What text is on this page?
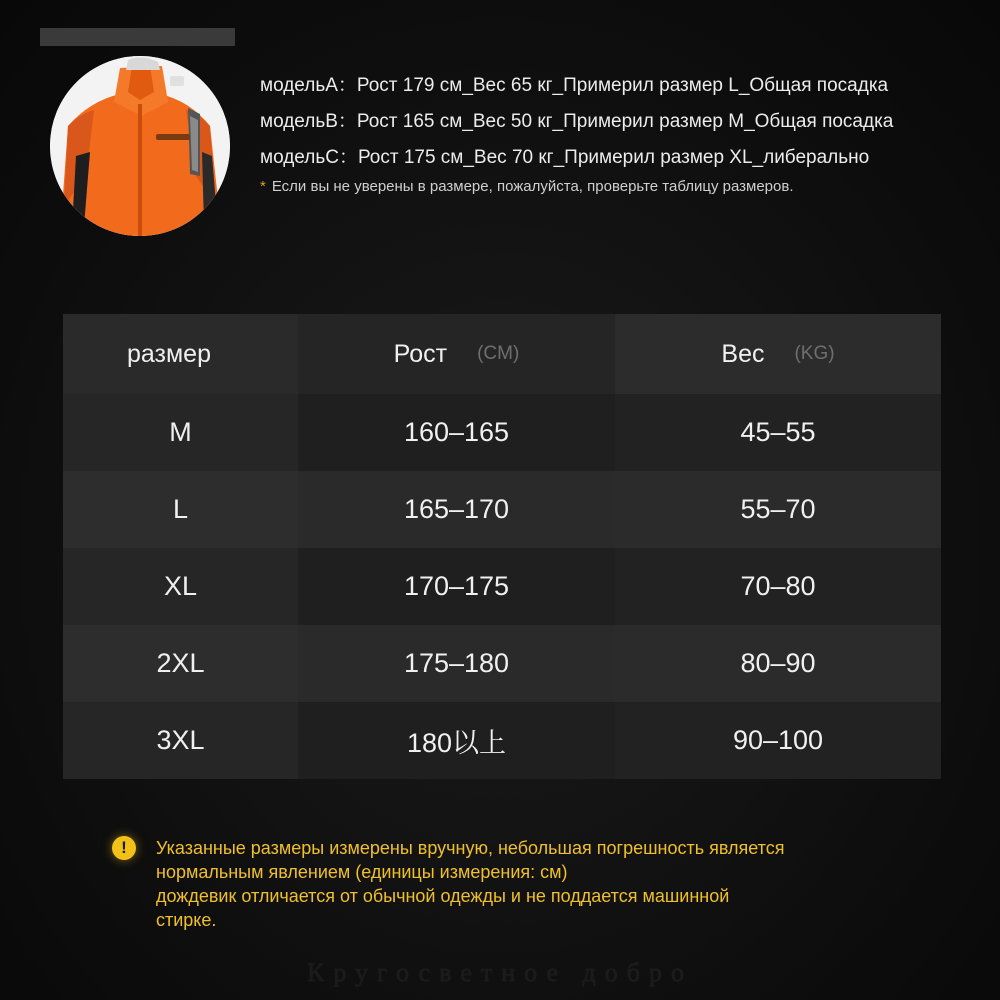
модельA：Рост 179 см_Вес 65 кг_Примерил размер L_Общая посадка
модельB：Рост 165 см_Вес 50 кг_Примерил размер M_Общая посадка
модельC：Рост 175 см_Вес 70 кг_Примерил размер XL_либерально
* Если вы не уверены в размере, пожалуйста, проверьте таблицу размеров.
размер	Рост (CM)	Вес (KG)
M	160–165	45–55
L	165–170	55–70
XL	170–175	70–80
2XL	175–180	80–90
3XL	180以上	90–100
!	Указанные размеры измерены вручную, небольшая погрешность является
нормальным явлением (единицы измерения: см)
дождевик отличается от обычной одежды и не поддается машинной
стирке.
Кругосветное добро
